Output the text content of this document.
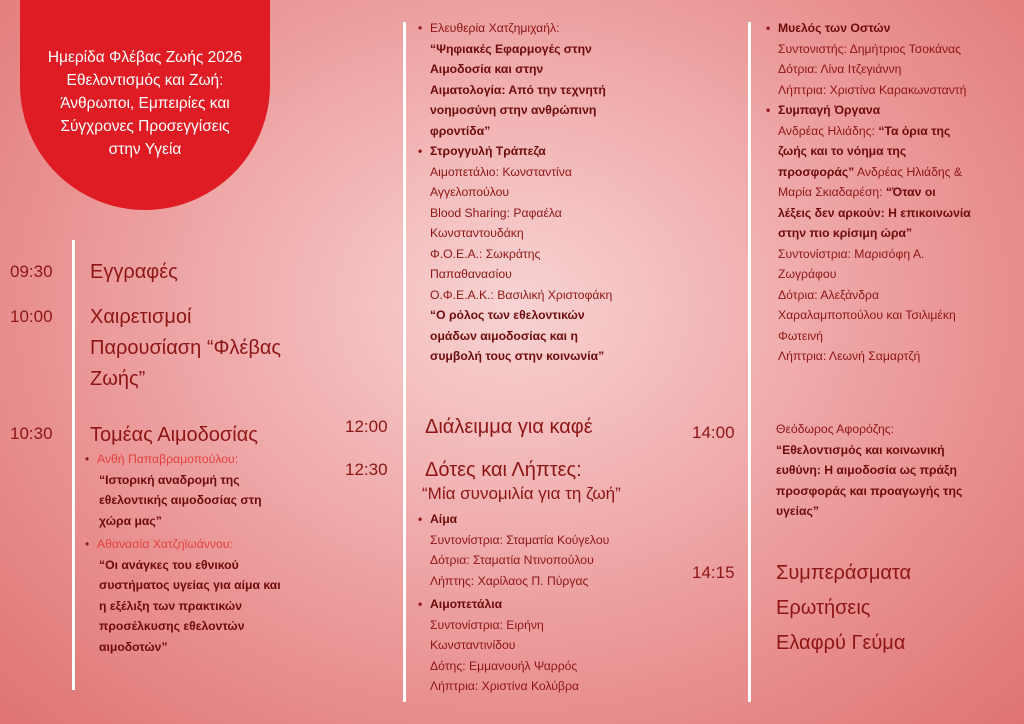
Ημερίδα Φλέβας Ζωής 2026
Εθελοντισμός και Ζωή:
Άνθρωποι, Εμπειρίες και
Σύγχρονες Προσεγγίσεις
στην Υγεία
09:30 Εγγραφές
10:00 Χαιρετισμοί
Παρουσίαση “Φλέβας
Ζωής”
10:30 Τομέας Αιμοδοσίας
• Ανθή Παπαβραμοπούλου:
“Ιστορική αναδρομή της
εθελοντικής αιμοδοσίας στη
χώρα μας”
• Αθανασία Χατζηϊωάννου:
“Οι ανάγκες του εθνικού
συστήματος υγείας για αίμα και
η εξέλιξη των πρακτικών
προσέλκυσης εθελοντών
αιμοδοτών”
• Ελευθερία Χατζημιχαήλ:
“Ψηφιακές Εφαρμογές στην
Αιμοδοσία και στην
Αιματολογία: Από την τεχνητή
νοημοσύνη στην ανθρώπινη
φροντίδα”
• Στρογγυλή Τράπεζα
Αιμοπετάλιο: Κωνσταντίνα
Αγγελοπούλου
Blood Sharing: Ραφαέλα
Κωνσταντουδάκη
Φ.Ο.Ε.Α.: Σωκράτης
Παπαθανασίου
Ο.Φ.Ε.Α.Κ.: Βασιλική Χριστοφάκη
“Ο ρόλος των εθελοντικών
ομάδων αιμοδοσίας και η
συμβολή τους στην κοινωνία”
12:00 Διάλειμμα για καφέ
12:30 Δότες και Λήπτες:
“Μία συνομιλία για τη ζωή”
• Αίμα
Συντονίστρια: Σταματία Κούγελου
Δότρια: Σταματία Ντινοπούλου
Λήπτης: Χαρίλαος Π. Πύργας
• Αιμοπετάλια
Συντονίστρια: Ειρήνη
Κωνσταντινίδου
Δότης: Εμμανουήλ Ψαρρός
Λήπτρια: Χριστίνα Κολύβρα
• Μυελός των Οστών
Συντονιστής: Δημήτριος Τσοκάνας
Δότρια: Λίνα Ιτζεγιάννη
Λήπτρια: Χριστίνα Καρακωνσταντή
• Συμπαγή Όργανα
Ανδρέας Ηλιάδης: “Τα όρια της
ζωής και το νόημα της
προσφοράς” Ανδρέας Ηλιάδης &
Μαρία Σκιαδαρέση: “Όταν οι
λέξεις δεν αρκούν: Η επικοινωνία
στην πιο κρίσιμη ώρα”
Συντονίστρια: Μαρισόφη Α.
Ζωγράφου
Δότρια: Αλεξάνδρα
Χαραλαμποπούλου και Τσιλιμέκη
Φωτεινή
Λήπτρια: Λεωνή Σαμαρτζή
14:00	Θεόδωρος Αφορόζης:
“Εθελοντισμός και κοινωνική
ευθύνη: Η αιμοδοσία ως πράξη
προσφοράς και προαγωγής της
υγείας”
14:15 Συμπεράσματα
Ερωτήσεις
Ελαφρύ Γεύμα
